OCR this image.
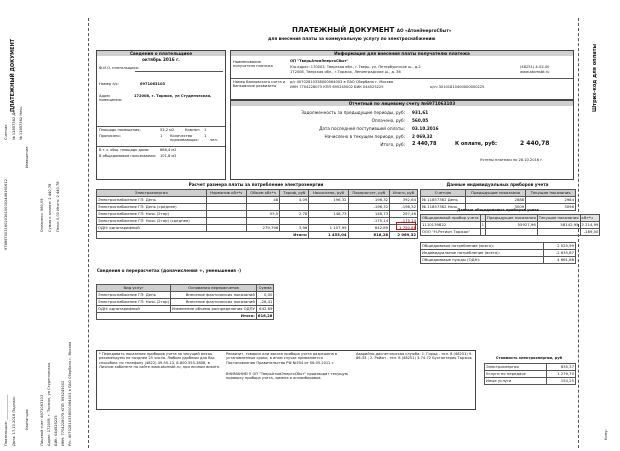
ПЛАТЕЖНЫЙ ДОКУМЕНТ
Счетчик № 11857362 День № 11857362 Ночь
9768970031602016100002446161612
Извещение
Оплачено: 560,05 Сумма к оплате: 2 440,78 Пени: 0,00 Итого: 2 440,78
Квитанция
Плательщик: ______________ Дата: 17.10.2016 Подпись	Лицевой счет: 6971063103 Адрес: 172008, г. Торжок, ул Студенческая, БИК: 044525225 ИНН: 7704228075 КПП: 695245002 Р/с: 40702810338000064003 в ПАО Сбербанк г. Москва
Штрих-код для оплаты
Кому:
ПЛАТЕЖНЫЙ ДОКУМЕНТ АО «АтомЭнергоСбыт»
для внесения платы за коммунальную услугу по электроснабжению
Сведения о плательщике
октябрь 2016 г.
Ф.И.О. плательщика:
Номер л/с:	6971063103
Адрес помещения:
172008, г. Торжок, ул Студенческая,
Площадь помещения:	53,2 м2	Комнат: 1
Прописано:	1 Количество проживающих:
1
чел.
В т.ч. общ. площадь дома:	886,4 м2
В общедомовом пользовании: 101,8 м2
Информация для внесения платы получателю платежа
Наименование получателя платежа
ОП "ТверьАтомЭнергоСбыт"
Юр.адрес: 170003, Тверская обл., г.Тверь, ул. Петербургское ш., д.2
172008, Тверская обл., г.Торжок, Ленинградское ш., д. 36
(48251) 4-03-00
www.atomsbt.ru
Номер банковского счета и банковские реквизиты
р/с 40702810338000064003 в ПАО Сбербанк г. Москва
ИНН 7704228075 КПП 695245002 БИК 044525225	к/сч 30101810400000000225
Отчетный по лицевому счету №6971063103
Задолженность за предыдущие периоды, руб: 931,61
Оплачено, руб: 560,05
Дата последней поступившей оплаты: 03.10.2016
Начислено в текущем периоде, руб: 2 069,32
Итого, руб: 2 440,78	К оплате, руб:	2 440,78
Учтены платежи по 28.10.2016 г.
Расчет размера платы за потребление электроэнергии
Электроэнергия	Норматив кВт*ч	Объем кВт*ч	Тариф, руб	Начислено, руб	Перерасчет, руб	Итого, руб
Электроснабжение ГП: День		48	4,09	196,32	196,32	392,64
Электроснабжение ГП: День (среднее)					-196,32	-196,32
Электроснабжение ГП: Ночь (2тар)		53,5	2,78	148,73	148,73	297,46
Электроснабжение ГП: Ночь (2тар) (среднее)					-175,14	-175,14
ОДН: однотарифный		279,796	3,96	1 107,99	642,89	1 750,88
Итого:				1 453,04	616,28	2 069,32
Данные индивидуальных приборов учета
Счетчик	Предыдущие показания	Текущие показания
№ 11857362 День	2888	2984
№ 11857362 Ночь	3009	3096
Данные общедомовых приборов учета
Общедомовой прибор учета		Предыдущие показания	Текущие показания	кВт*ч
1110139822	1	55927,96	58142,95	2 214,99
ООО "Н-Регион Торжок"				-189,00
Общедомовое потребление (всего):	2 025,99
Индивидуальное потребление (всего):	-2 635,87
Общедомовые нужды (ОДН):	4 661,86
Сведения о перерасчетах (доначисления +, уменьшения -)
Вид услуг	Основания перерасчетов	Сумма
Электроснабжение ГП: День	Внесение фактических показаний	0,00
Электроснабжение ГП: Ночь (2тар)	Внесение фактических показаний	-26,41
ОДН: однотарифный	Изменение объема распределения ОДПУ	642,69
Итого:		616,28
* Передавать показания приборов учета за текущий месяц рекомендуем не позднее 25 числа. Любым удобным для Вас способом: по телефону (4822) 49-50-13, 8-800-555-3808, в Личном кабинете на сайте www.atomsbt.ru, при личном визите.
Реквизит, говорил или заказа прибора учета разрешена в установленные сроки, в ином случае применяется Постановление Правительства РФ №354 от 06.05.2011 г.
ВНИМАНИЕ!!! ОП "ТверьАтомЭнергоСбыт" производит текущую проверку прибора учета, замена и опломбировка.
Аварийно-диспетчерская служба: 1. Город - тел. 8 (48251) 9-86-33 ; 2. Район - тел. 8 (48251) 3-74-72 Бухгалтерия Торжок	Стоимость электроэнергии, руб
Электроэнергия	635,37
Услуги по передаче	1 279,70
Иные услуги	154,25
